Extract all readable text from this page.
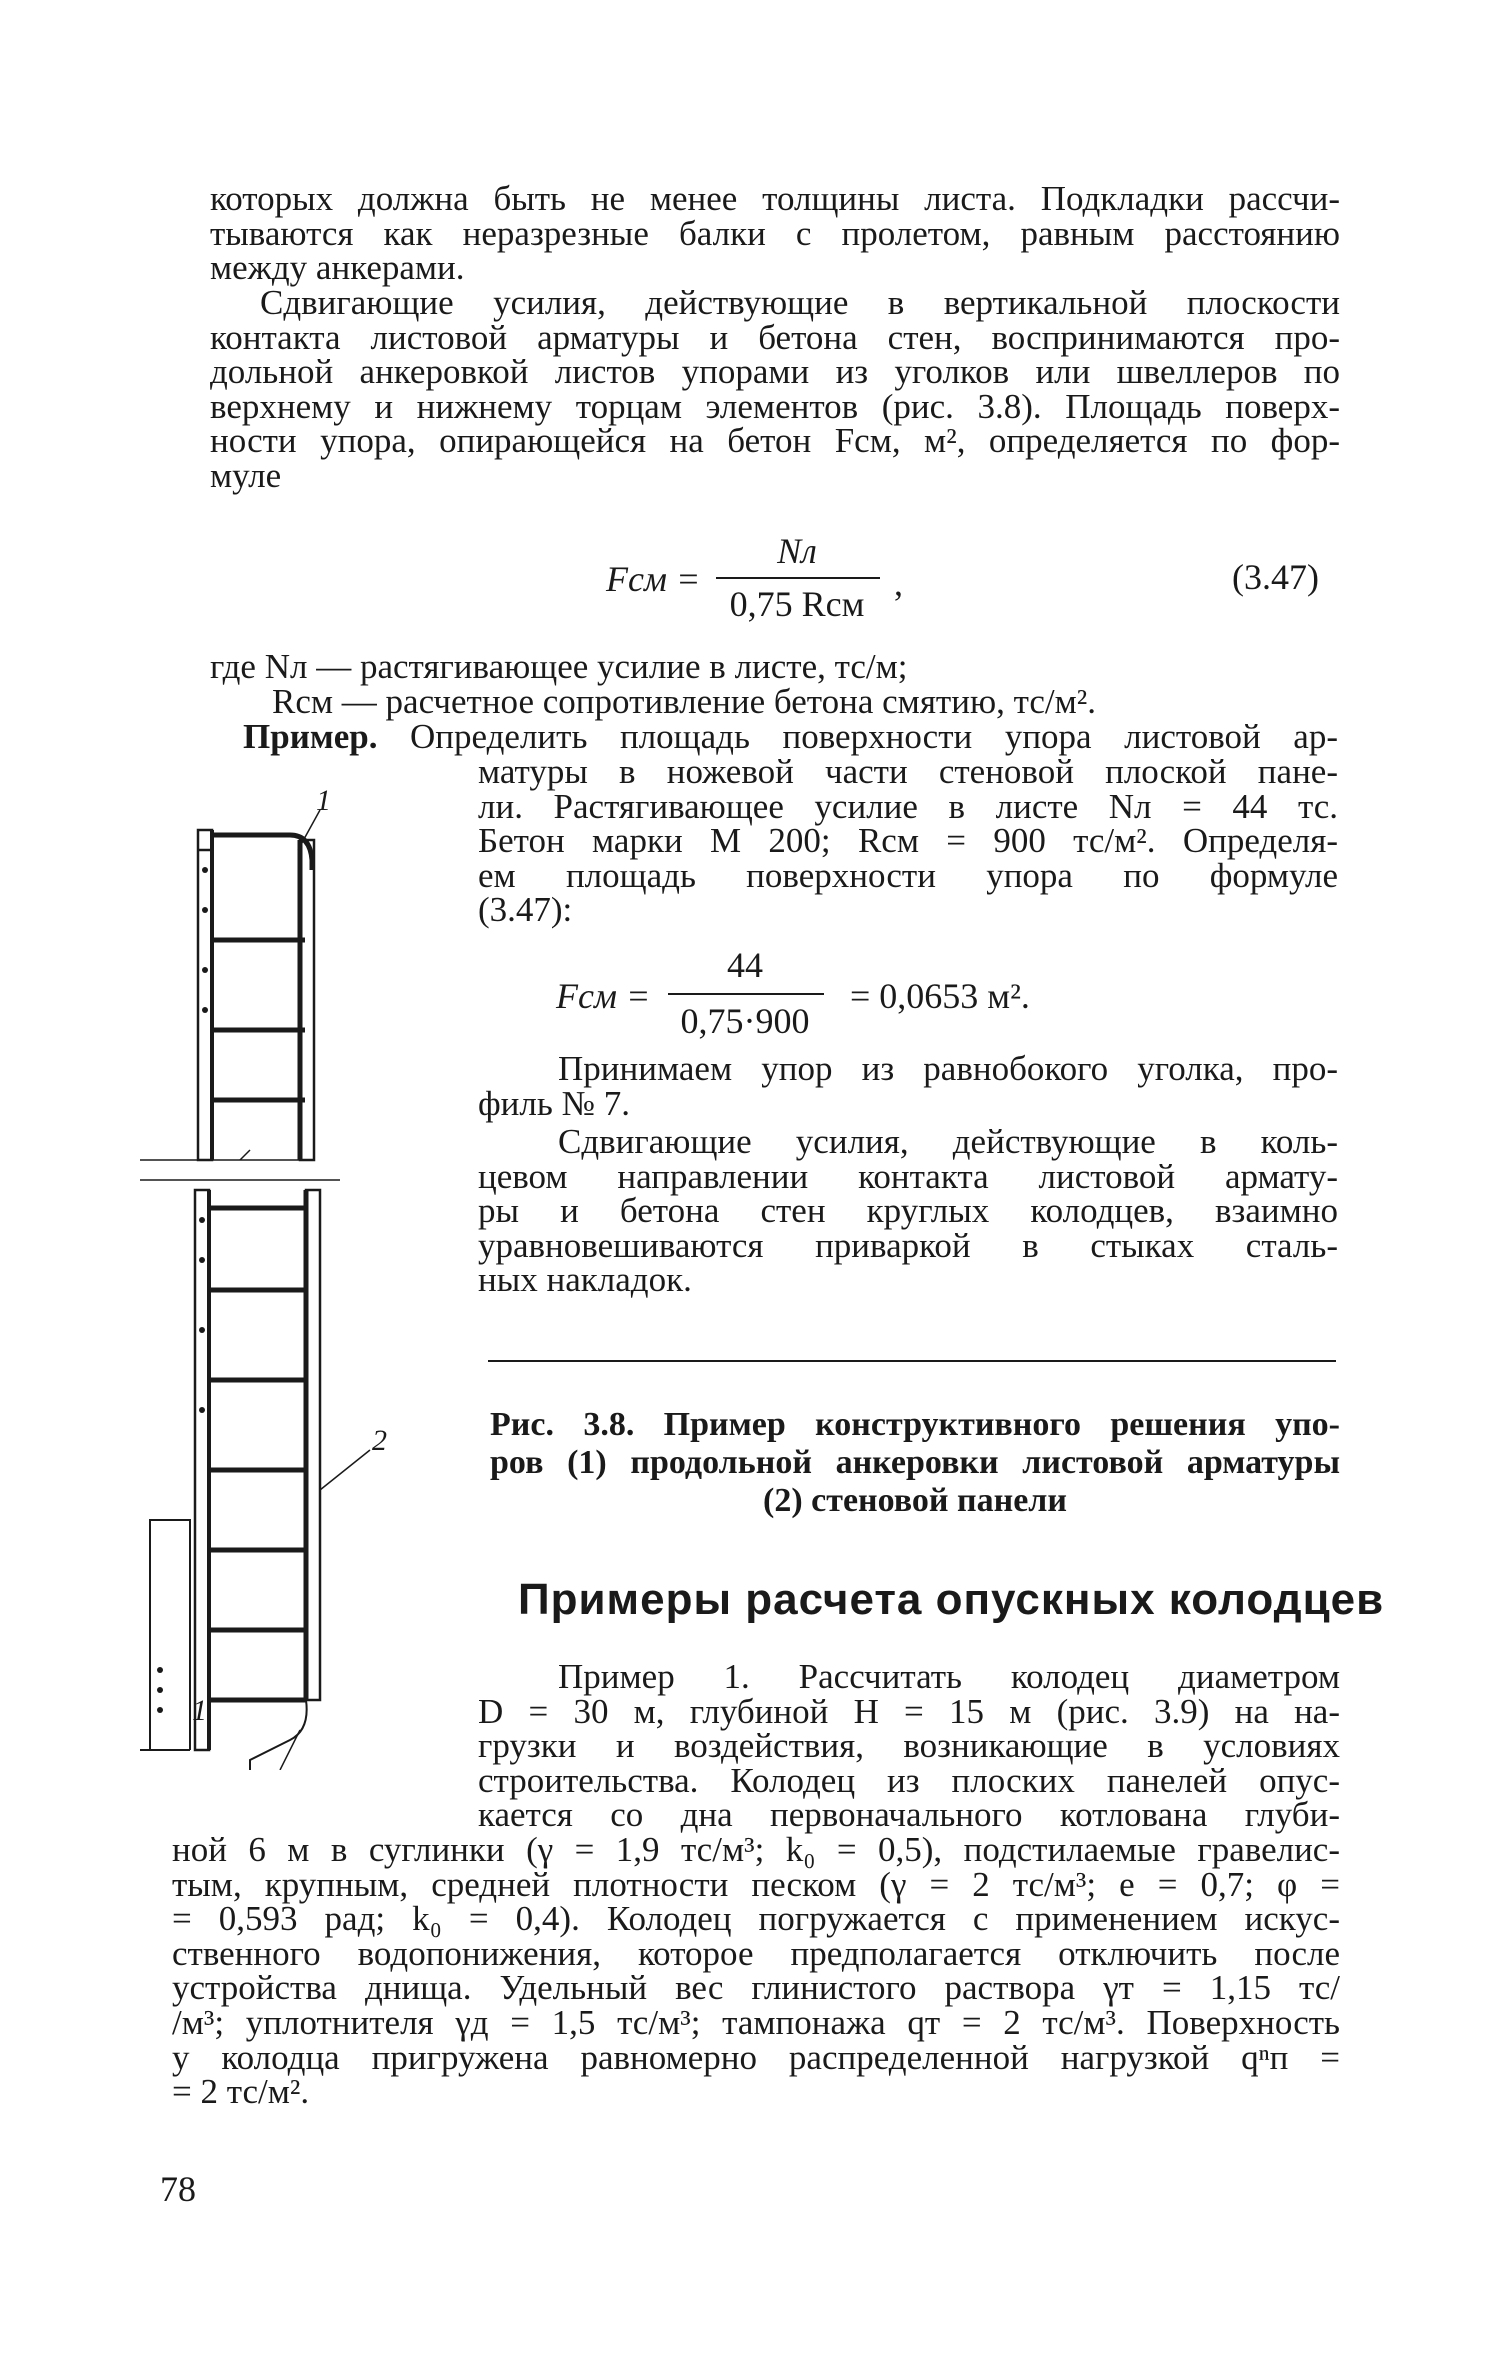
которых должна быть не менее толщины листа. Подкладки рассчи-
тываются как неразрезные балки с пролетом, равным расстоянию
между анкерами.
Сдвигающие усилия, действующие в вертикальной плоскости
контакта листовой арматуры и бетона стен, воспринимаются про-
дольной анкеровкой листов упорами из уголков или швеллеров по
верхнему и нижнему торцам элементов (рис. 3.8). Площадь поверх-
ности упора, опирающейся на бетон Fсм, м², определяется по фор-
муле
Fсм =
Nл
0,75 Rсм
,	(3.47)
где Nл — растягивающее усилие в листе, тс/м;
Rсм — расчетное сопротивление бетона смятию, тс/м².
Пример. Определить площадь поверхности упора листовой ар-
матуры в ножевой части стеновой плоской пане-
ли. Растягивающее усилие в листе Nл = 44 тс.
Бетон марки М 200; Rсм = 900 тс/м². Определя-
ем площадь поверхности упора по формуле
(3.47):
Fсм =
44
0,75·900
= 0,0653 м².
Принимаем упор из равнобокого уголка, про-
филь № 7.
Сдвигающие усилия, действующие в коль-
цевом направлении контакта листовой армату-
ры и бетона стен круглых колодцев, взаимно
уравновешиваются приваркой в стыках сталь-
ных накладок.
Рис. 3.8. Пример конструктивного решения упо-
ров (1) продольной анкеровки листовой арматуры
(2) стеновой панели
Примеры расчета опускных колодцев
Пример 1. Рассчитать колодец диаметром
D = 30 м, глубиной H = 15 м (рис. 3.9) на на-
грузки и воздействия, возникающие в условиях
строительства. Колодец из плоских панелей опус-
кается со дна первоначального котлована глуби-
ной 6 м в суглинки (γ = 1,9 тс/м³; k₀ = 0,5), подстилаемые гравелис-
тым, крупным, средней плотности песком (γ = 2 тс/м³; e = 0,7; φ =
= 0,593 рад; k₀ = 0,4). Колодец погружается с применением искус-
ственного водопонижения, которое предполагается отключить после
устройства днища. Удельный вес глинистого раствора γт = 1,15 тс/
/м³; уплотнителя γд = 1,5 тс/м³; тампонажа qт = 2 тс/м³. Поверхность
у колодца пригружена равномерно распределенной нагрузкой qⁿп =
= 2 тс/м².
78
1
2
1
